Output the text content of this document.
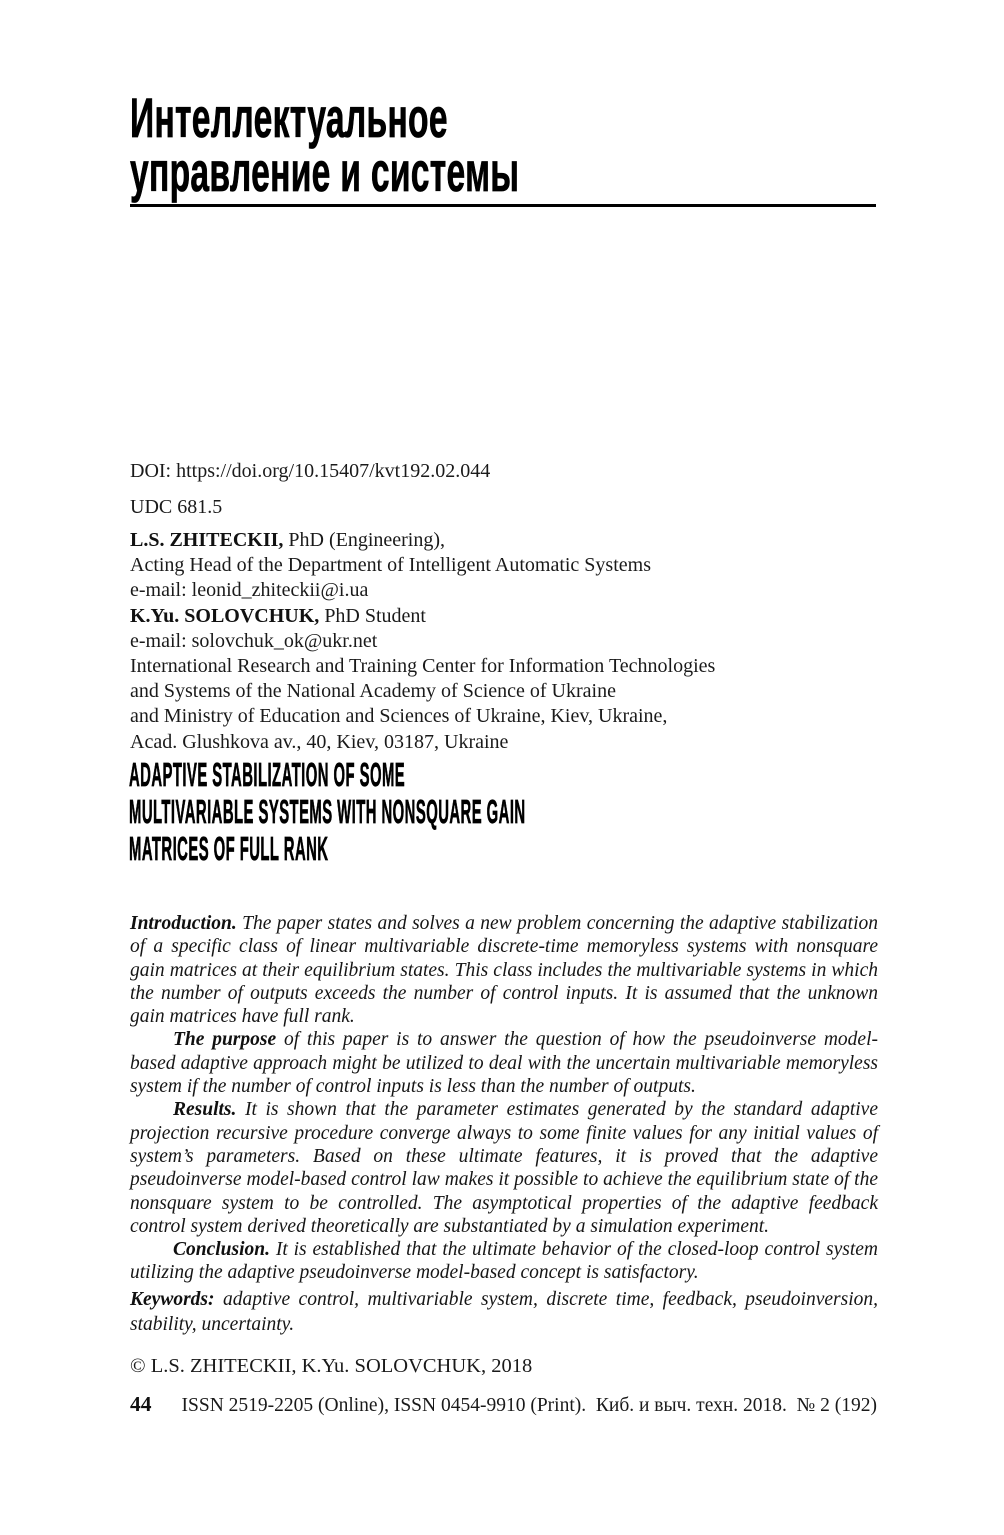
Интеллектуальное
управление и системы
DOI: https://doi.org/10.15407/kvt192.02.044
UDC 681.5
L.S. ZHITECKII, PhD (Engineering),
Acting Head of the Department of Intelligent Automatic Systems
e-mail: leonid_zhiteckii@i.ua
K.Yu. SOLOVCHUK, PhD Student
e-mail: solovchuk_ok@ukr.net
International Research and Training Center for Information Technologies
and Systems of the National Academy of Science of Ukraine
and Ministry of Education and Sciences of Ukraine, Kiev, Ukraine,
Acad. Glushkova av., 40, Kiev, 03187, Ukraine
ADAPTIVE STABILIZATION OF SOME
MULTIVARIABLE SYSTEMS WITH NONSQUARE GAIN
MATRICES OF FULL RANK

Introduction. The paper states and solves a new problem concerning the adaptive stabilization of a specific class of linear multivariable discrete-time memoryless systems with nonsquare gain matrices at their equilibrium states. This class includes the multivariable systems in which the number of outputs exceeds the number of control inputs. It is assumed that the unknown gain matrices have full rank.

The purpose of this paper is to answer the question of how the pseudoinverse model-based adaptive approach might be utilized to deal with the uncertain multivariable memoryless system if the number of control inputs is less than the number of outputs.

Results. It is shown that the parameter estimates generated by the standard adaptive projection recursive procedure converge always to some finite values for any initial values of system’s parameters. Based on these ultimate features, it is proved that the adaptive pseudoinverse model-based control law makes it possible to achieve the equilibrium state of the nonsquare system to be controlled. The asymptotical properties of the adaptive feedback control system derived theoretically are substantiated by a simulation experiment.

Conclusion. It is established that the ultimate behavior of the closed-loop control system utilizing the adaptive pseudoinverse model-based concept is satisfactory.

Keywords: adaptive control, multivariable system, discrete time, feedback, pseudoinversion, stability, uncertainty.

© L.S. ZHITECKII, K.Yu. SOLOVCHUK, 2018
44 ISSN 2519-2205 (Online), ISSN 0454-9910 (Print).  Киб. и выч. техн. 2018.  № 2 (192)
